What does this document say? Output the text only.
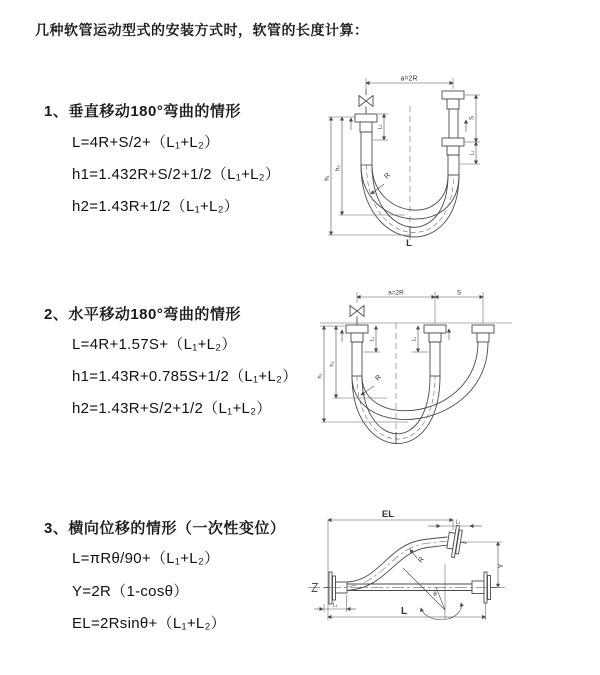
几种软管运动型式的安装方式时，软管的长度计算：
1、垂直移动180°弯曲的情形
L=4R+S/2+（L₁+L₂）
h1=1.432R+S/2+1/2（L₁+L₂）
h2=1.43R+1/2（L₁+L₂）
a=2R
h₁
h₂
L₁
S
L₁
R
L
2、水平移动180°弯曲的情形
L=4R+1.57S+（L₁+L₂）
h1=1.43R+0.785S+1/2（L₁+L₂）
h2=1.43R+S/2+1/2（L₁+L₂）
a=2R	S
L₁	L₁
h₁
h₂
R
3、横向位移的情形（一次性变位）
L=πRθ/90+（L₁+L₂）
Y=2R（1-cosθ）
EL=2Rsinθ+（L₁+L₂）
EL
L₁
Y
R
θ
L₁
L
